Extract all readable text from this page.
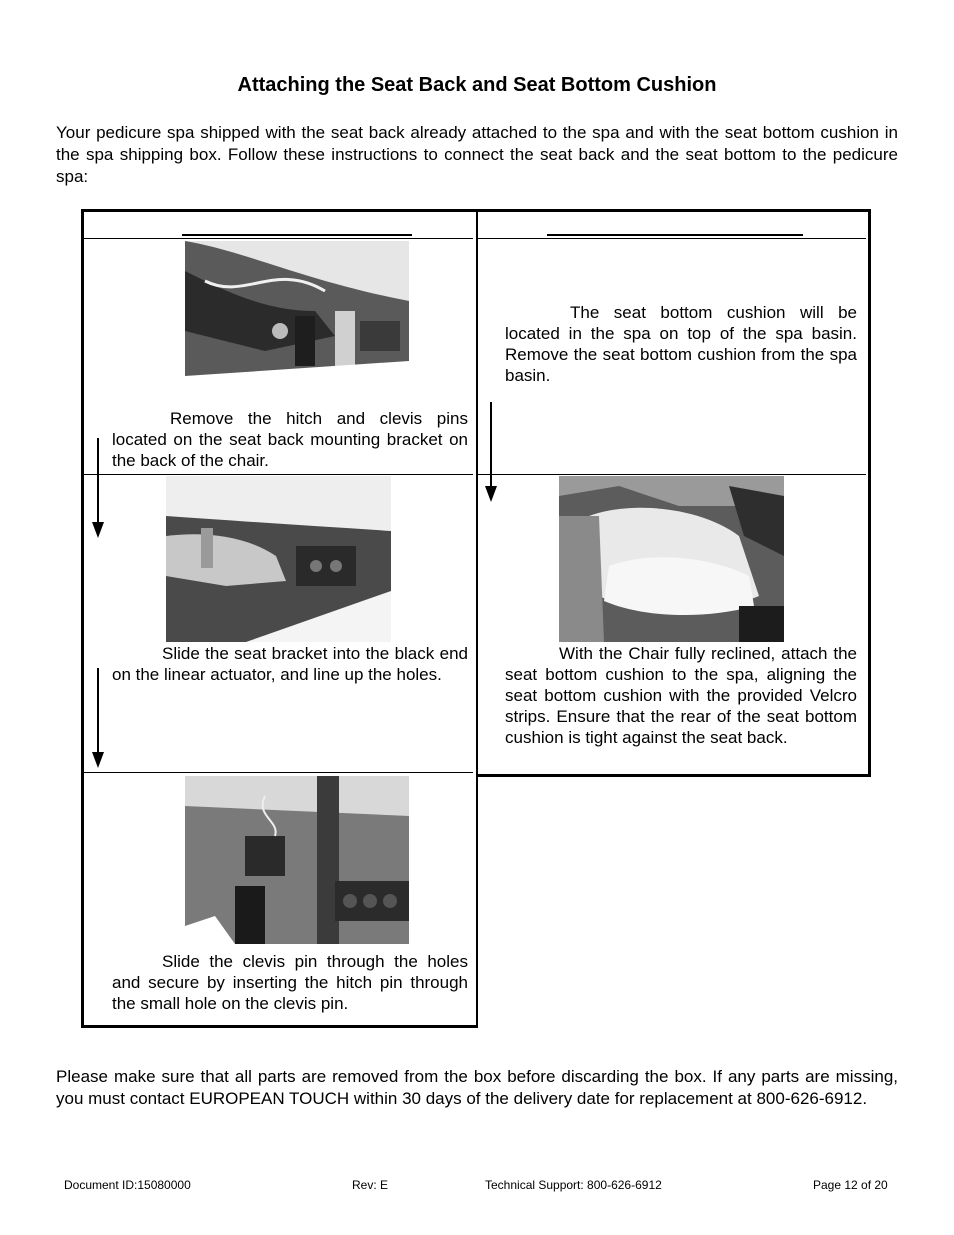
Attaching the Seat Back and Seat Bottom Cushion
Your pedicure spa shipped with the seat back already attached to the spa and with the seat bottom cushion in the spa shipping box. Follow these instructions to connect the seat back and the seat bottom to the pedicure spa:
Remove the hitch and clevis pins located on the seat back mounting bracket on the back of the chair.
Slide the seat bracket into the black end on the linear actuator, and line up the holes.
Slide the clevis pin through the holes and secure by inserting the hitch pin through the small hole on the clevis pin.
The seat bottom cushion will be located in the spa on top of the spa basin. Remove the seat bottom cushion from the spa basin.
With the Chair fully reclined, attach the seat bottom cushion to the spa, aligning the seat bottom cushion with the provided Velcro strips. Ensure that the rear of the seat bottom cushion is tight against the seat back.
Please make sure that all parts are removed from the box before discarding the box. If any parts are missing, you must contact EUROPEAN TOUCH within 30 days of the delivery date for replacement at 800-626-6912.
Document ID:15080000	Rev: E	Technical Support: 800-626-6912	Page 12 of 20
